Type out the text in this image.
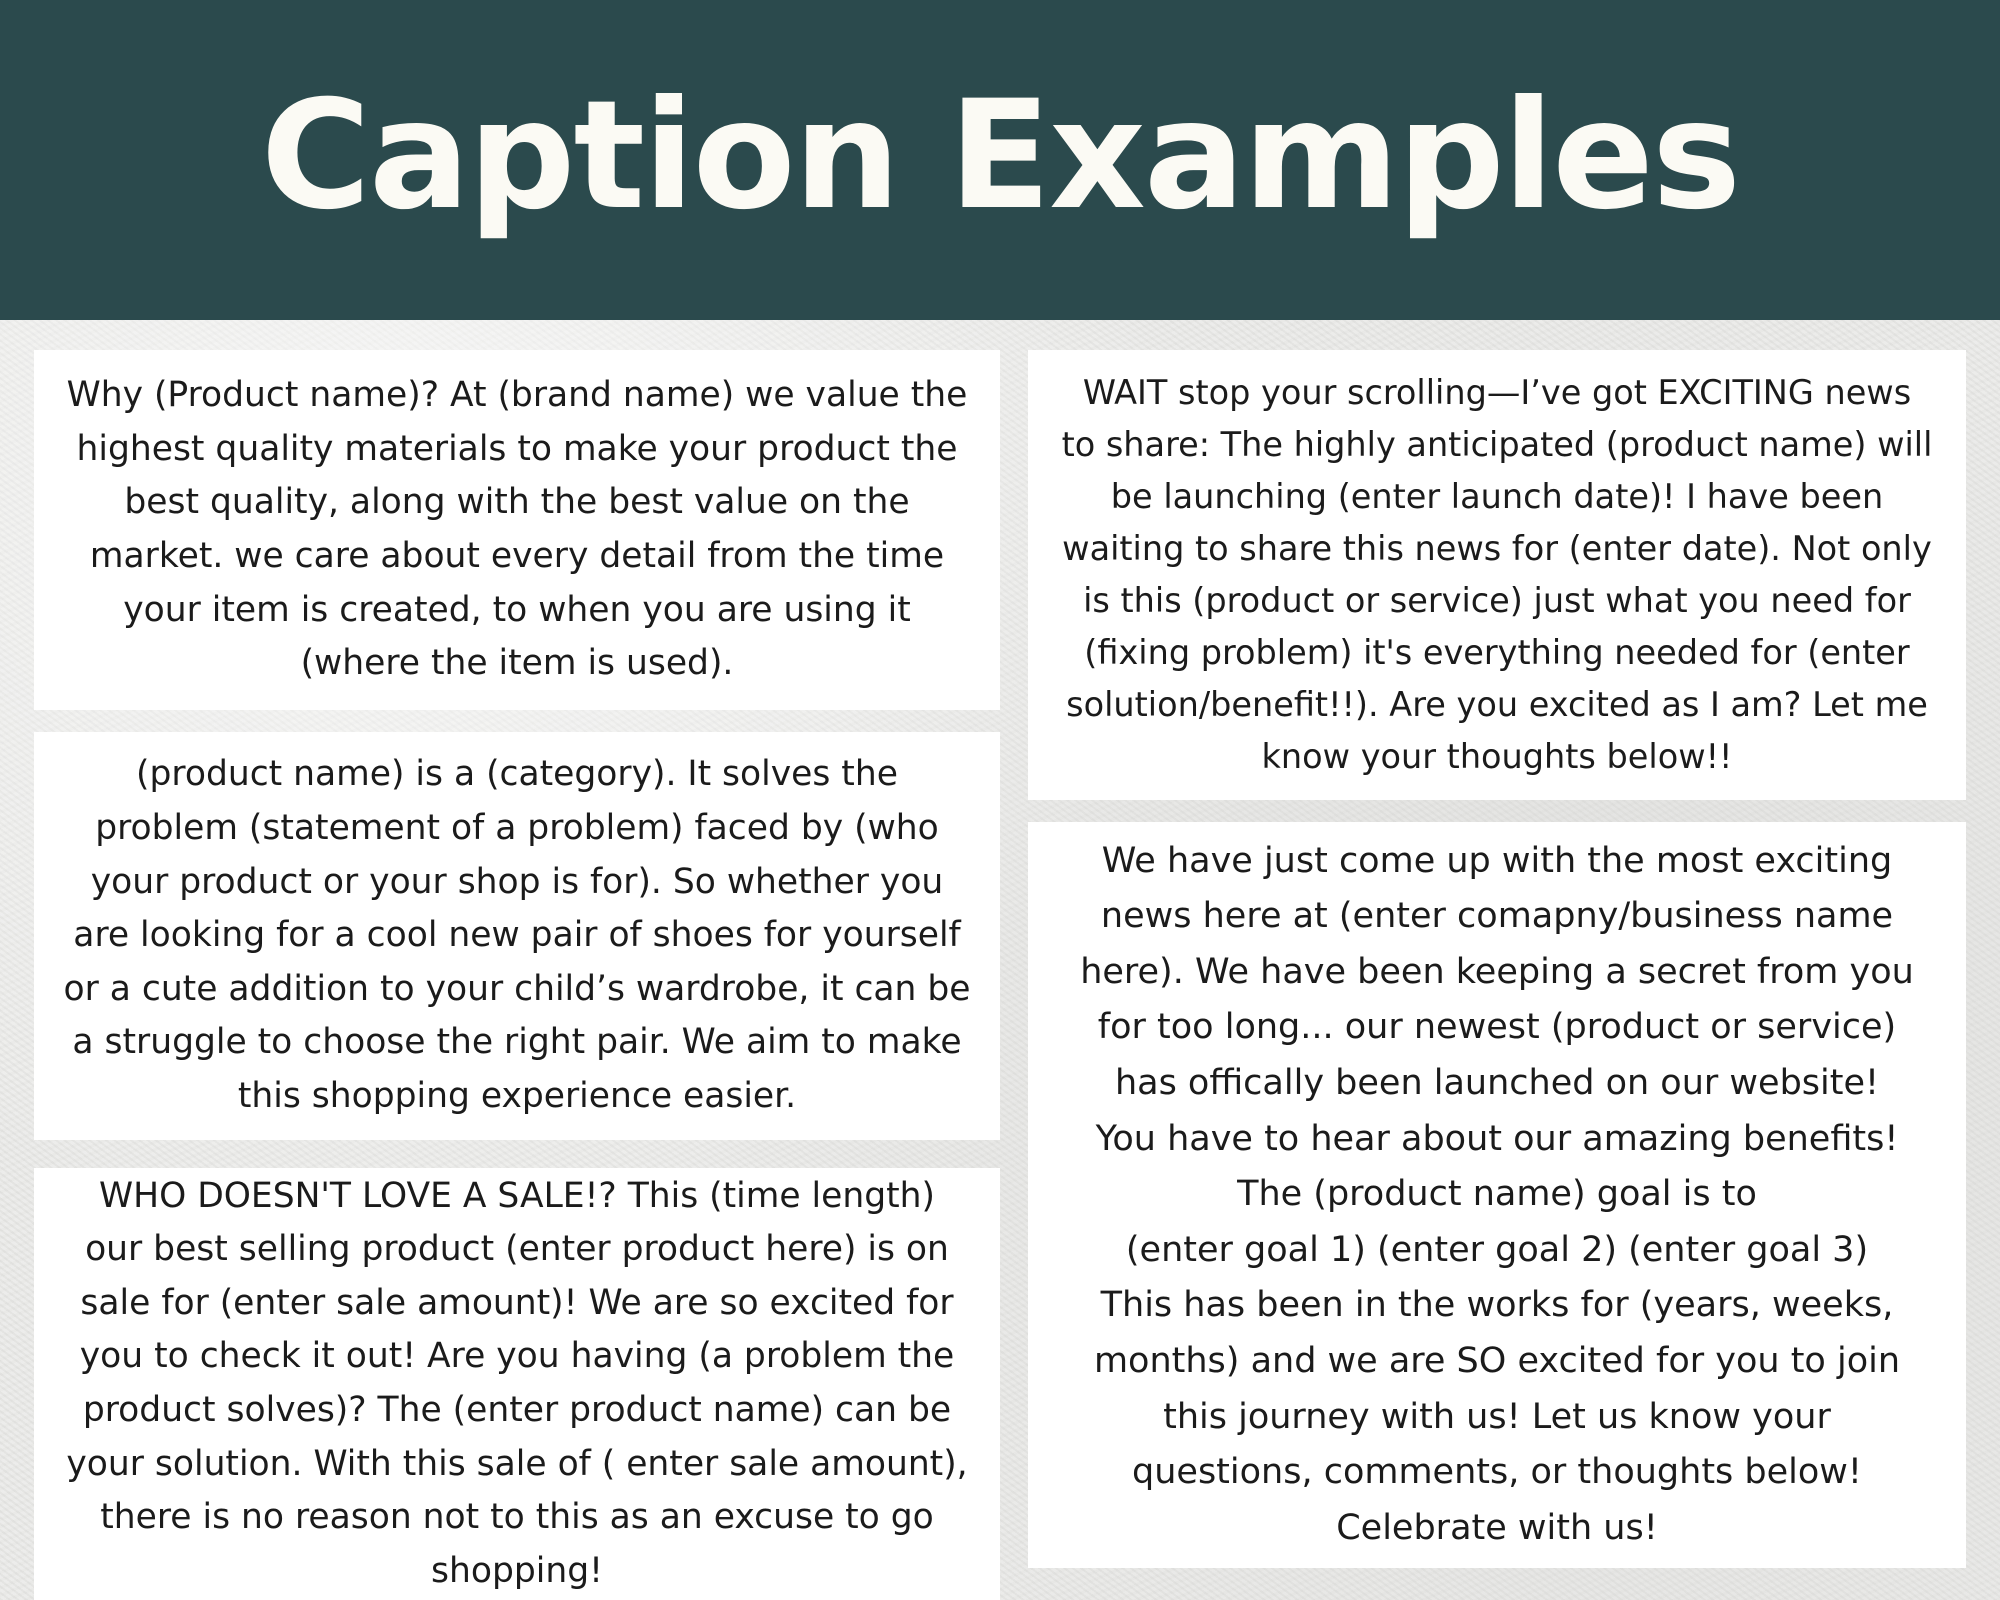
Caption Examples

Why (Product name)? At (brand name) we value the
highest quality materials to make your product the
best quality, along with the best value on the
market. we care about every detail from the time
your item is created, to when you are using it
(where the item is used).

(product name) is a (category). It solves the
problem (statement of a problem) faced by (who
your product or your shop is for). So whether you
are looking for a cool new pair of shoes for yourself
or a cute addition to your child’s wardrobe, it can be
a struggle to choose the right pair. We aim to make
this shopping experience easier.

WHO DOESN'T LOVE A SALE!? This (time length)
our best selling product (enter product here) is on
sale for (enter sale amount)! We are so excited for
you to check it out! Are you having (a problem the
product solves)? The (enter product name) can be
your solution. With this sale of ( enter sale amount),
there is no reason not to this as an excuse to go
shopping!

WAIT stop your scrolling—I’ve got EXCITING news
to share: The highly anticipated (product name) will
be launching (enter launch date)! I have been
waiting to share this news for (enter date). Not only
is this (product or service) just what you need for
(fixing problem) it's everything needed for (enter
solution/benefit!!). Are you excited as I am? Let me
know your thoughts below!!

We have just come up with the most exciting
news here at (enter comapny/business name
here). We have been keeping a secret from you
for too long... our newest (product or service)
has offically been launched on our website!
You have to hear about our amazing benefits!
The (product name) goal is to
(enter goal 1) (enter goal 2) (enter goal 3)
This has been in the works for (years, weeks,
months) and we are SO excited for you to join
this journey with us! Let us know your
questions, comments, or thoughts below!
Celebrate with us!
